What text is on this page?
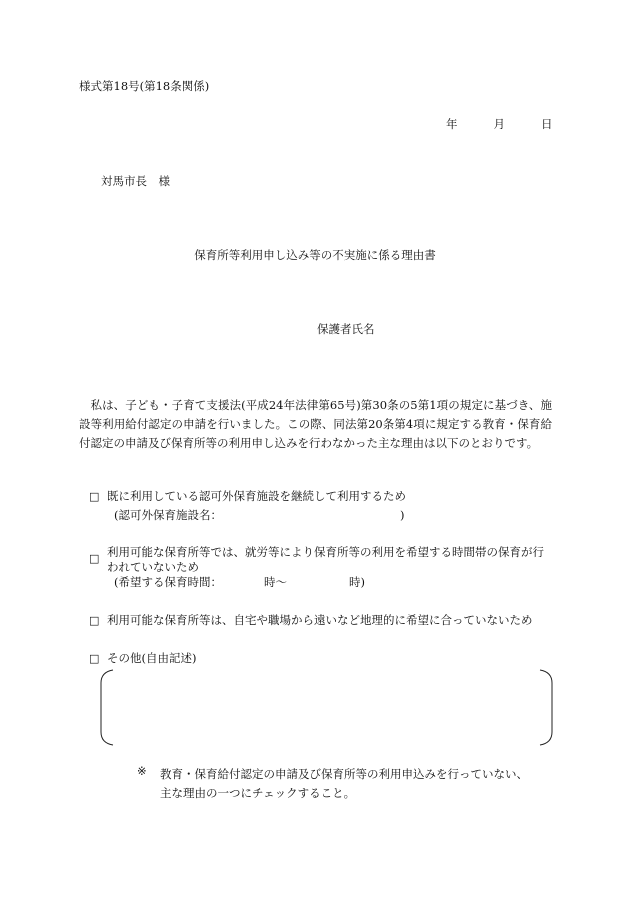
様式第18号(第18条関係)
年	月	日
対馬市長　様
保育所等利用申し込み等の不実施に係る理由書
保護者氏名
私は、子ども・子育て支援法(平成24年法律第65号)第30条の5第1項の規定に基づき、施設等利用給付認定の申請を行いました。この際、同法第20条第4項に規定する教育・保育給付認定の申請及び保育所等の利用申し込みを行わなかった主な理由は以下のとおりです。
□ 既に利用している認可外保育施設を継続して利用するため
(認可外保育施設名：	)
□ 利用可能な保育所等では、就労等により保育所等の利用を希望する時間帯の保育が行われていないため
(希望する保育時間：	時～	時)
□ 利用可能な保育所等は、自宅や職場から遠いなど地理的に希望に合っていないため
□ その他(自由記述)
※ 教育・保育給付認定の申請及び保育所等の利用申込みを行っていない、
主な理由の一つにチェックすること。
